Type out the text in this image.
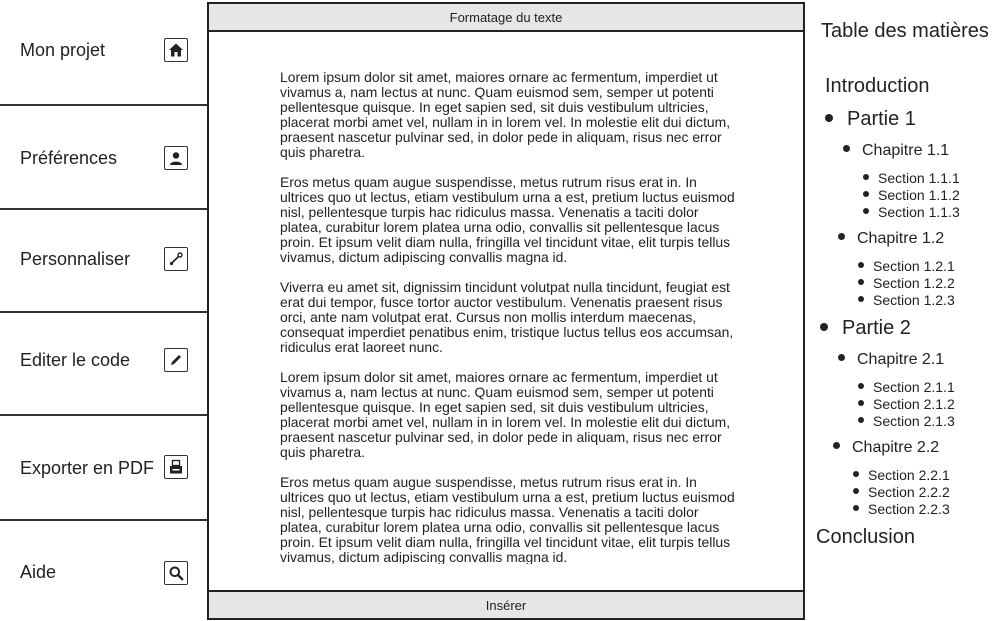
Mon projet
Préférences
Personnaliser
Editer le code
Exporter en PDF
Aide
Formatage du texte

Lorem ipsum dolor sit amet, maiores ornare ac fermentum, imperdiet ut vivamus a, nam lectus at nunc. Quam euismod sem, semper ut potenti pellentesque quisque. In eget sapien sed, sit duis vestibulum ultricies, placerat morbi amet vel, nullam in in lorem vel. In molestie elit dui dictum, praesent nascetur pulvinar sed, in dolor pede in aliquam, risus nec error quis pharetra.

Eros metus quam augue suspendisse, metus rutrum risus erat in. In ultrices quo ut lectus, etiam vestibulum urna a est, pretium luctus euismod nisl, pellentesque turpis hac ridiculus massa. Venenatis a taciti dolor platea, curabitur lorem platea urna odio, convallis sit pellentesque lacus proin. Et ipsum velit diam nulla, fringilla vel tincidunt vitae, elit turpis tellus vivamus, dictum adipiscing convallis magna id.

Viverra eu amet sit, dignissim tincidunt volutpat nulla tincidunt, feugiat est erat dui tempor, fusce tortor auctor vestibulum. Venenatis praesent risus orci, ante nam volutpat erat. Cursus non mollis interdum maecenas, consequat imperdiet penatibus enim, tristique luctus tellus eos accumsan, ridiculus erat laoreet nunc.

Lorem ipsum dolor sit amet, maiores ornare ac fermentum, imperdiet ut vivamus a, nam lectus at nunc. Quam euismod sem, semper ut potenti pellentesque quisque. In eget sapien sed, sit duis vestibulum ultricies, placerat morbi amet vel, nullam in in lorem vel. In molestie elit dui dictum, praesent nascetur pulvinar sed, in dolor pede in aliquam, risus nec error quis pharetra.

Eros metus quam augue suspendisse, metus rutrum risus erat in. In ultrices quo ut lectus, etiam vestibulum urna a est, pretium luctus euismod nisl, pellentesque turpis hac ridiculus massa. Venenatis a taciti dolor platea, curabitur lorem platea urna odio, convallis sit pellentesque lacus proin. Et ipsum velit diam nulla, fringilla vel tincidunt vitae, elit turpis tellus vivamus, dictum adipiscing convallis magna id.

Insérer
Table des matières
Introduction
Partie 1
Chapitre 1.1
Section 1.1.1
Section 1.1.2
Section 1.1.3
Chapitre 1.2
Section 1.2.1
Section 1.2.2
Section 1.2.3
Partie 2
Chapitre 2.1
Section 2.1.1
Section 2.1.2
Section 2.1.3
Chapitre 2.2
Section 2.2.1
Section 2.2.2
Section 2.2.3
Conclusion
